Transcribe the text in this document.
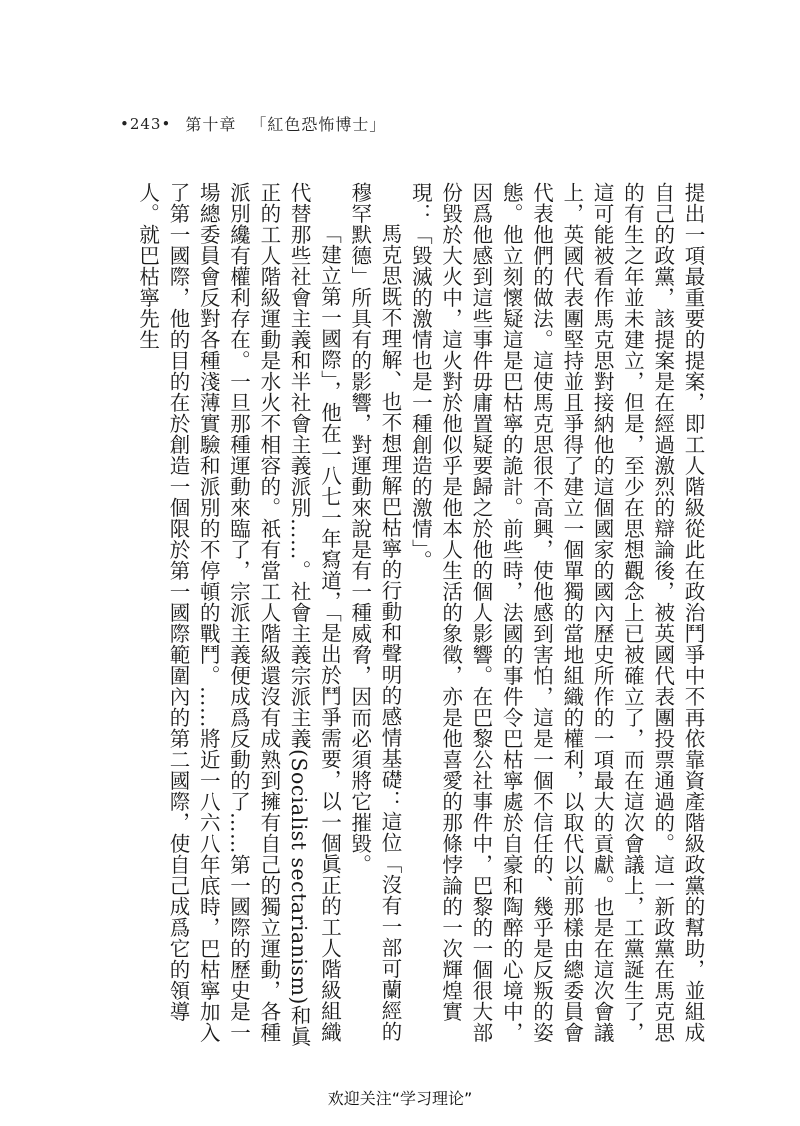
•243• 第十章 「紅色恐怖博士」

提出一項最重要的提案，即工人階級從此在政治鬥爭中不再依靠資產階級政黨的幫助，並組成自己的政黨，該提案是在經過激烈的辯論後，被英國代表團投票通過的。這一新政黨在馬克思的有生之年並未建立，但是，至少在思想觀念上已被確立了，而在這次會議上，工黨誕生了，這可能被看作馬克思對接納他的這個國家的國內歷史所作的一項最大的貢獻。也是在這次會議上，英國代表團堅持並且爭得了建立一個單獨的當地組織的權利，以取代以前那樣由總委員會代表他們的做法。這使馬克思很不高興，使他感到害怕，這是一個不信任的、幾乎是反叛的姿態。他立刻懷疑這是巴枯寧的詭計。前些時，法國的事件令巴枯寧處於自豪和陶醉的心境中，因爲他感到這些事件毋庸置疑要歸之於他的個人影響。在巴黎公社事件中，巴黎的一個很大部份毀於大火中，這火對於他似乎是他本人生活的象徵，亦是他喜愛的那條悖論的一次輝煌實現：「毀滅的激情也是一種創造的激情」。

馬克思既不理解、也不想理解巴枯寧的行動和聲明的感情基礎：這位「沒有一部可蘭經的穆罕默德」所具有的影響，對運動來說是有一種威脅，因而必須將它摧毀。

「建立第一國際」，他在一八七一年寫道，「是出於鬥爭需要，以一個眞正的工人階級組織代替那些社會主義和半社會主義派別……。社會主義宗派主義(Socialist sectarianism)和眞正的工人階級運動是水火不相容的。祇有當工人階級還沒有成熟到擁有自己的獨立運動，各種派別纔有權利存在。一旦那種運動來臨了，宗派主義便成爲反動的了……第一國際的歷史是一場總委員會反對各種淺薄實驗和派別的不停頓的戰鬥。……將近一八六八年底時，巴枯寧加入了第一國際，他的目的在於創造一個限於第一國際範圍內的第二國際，使自己成爲它的領導人。就巴枯寧先生

欢迎关注“学习理论”
